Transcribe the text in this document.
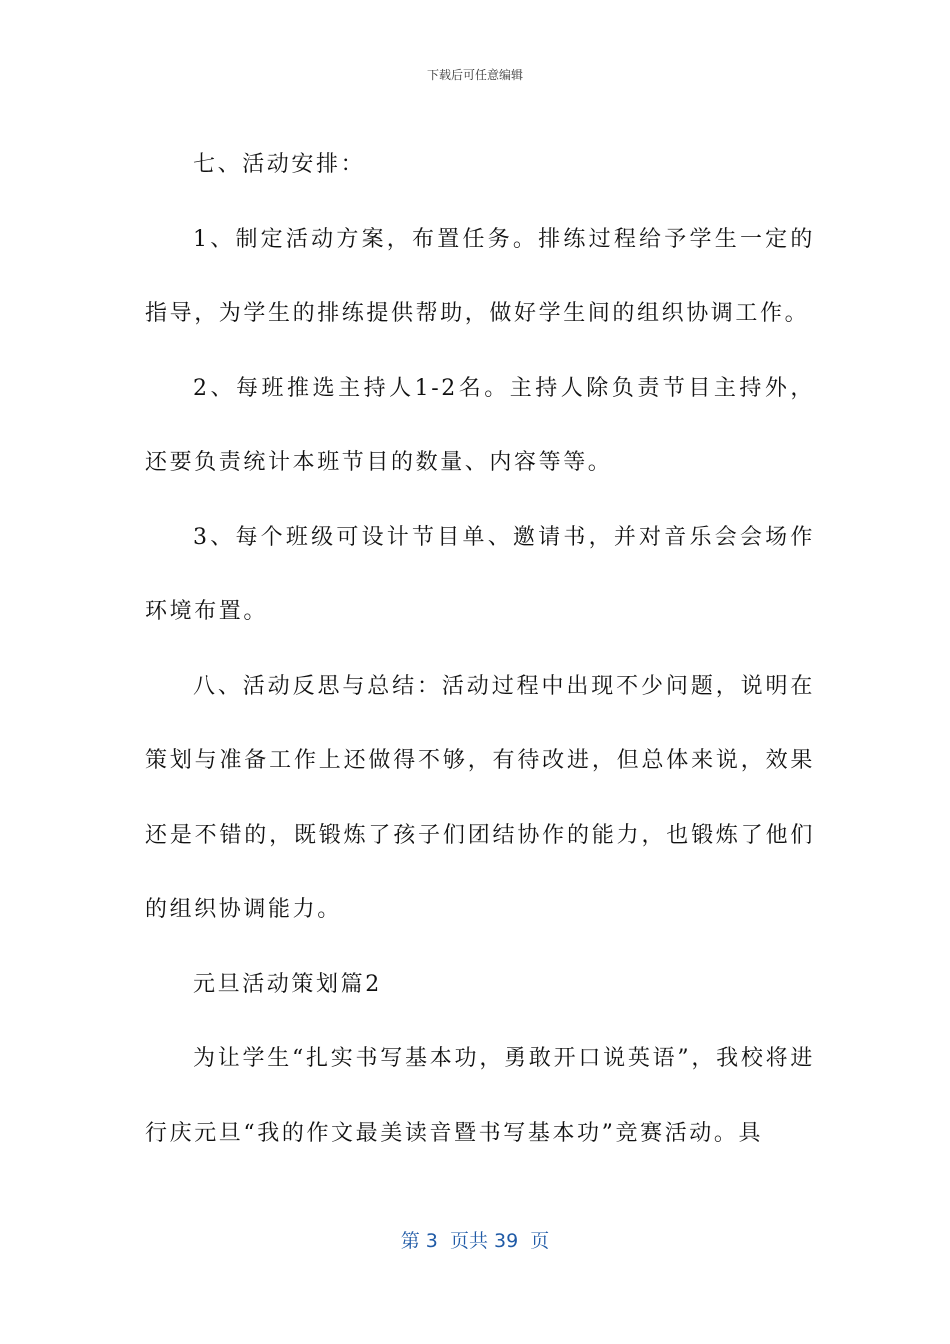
下载后可任意编辑

七、活动安排：

1、制定活动方案，布置任务。排练过程给予学生一定的指导，为学生的排练提供帮助，做好学生间的组织协调工作。

2、每班推选主持人1-2名。主持人除负责节目主持外，还要负责统计本班节目的数量、内容等等。

3、每个班级可设计节目单、邀请书，并对音乐会会场作环境布置。

八、活动反思与总结：活动过程中出现不少问题，说明在策划与准备工作上还做得不够，有待改进，但总体来说，效果还是不错的，既锻炼了孩子们团结协作的能力，也锻炼了他们的组织协调能力。

元旦活动策划篇2

为让学生“扎实书写基本功，勇敢开口说英语”，我校将进行庆元旦“我的作文最美读音暨书写基本功”竞赛活动。具

第 3  页共 39  页
